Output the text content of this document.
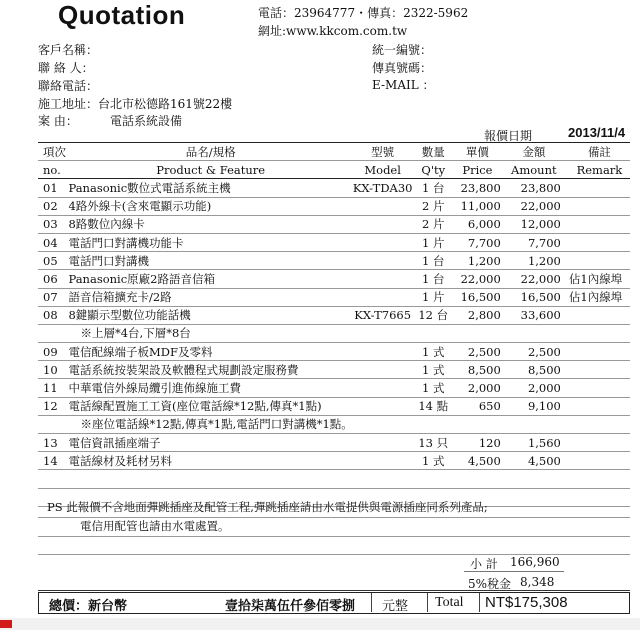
Quotation	電話：23964777・傳真：2322-5962
網址:www.kkcom.com.tw
客戶名稱：
聯 絡 人：
聯絡電話：
施工地址：台北市松德路161號22樓
案 由：	電話系統設備
統一編號：
傳真號碼：
E-MAIL ：
報價日期	2013/11/4
項次	品名/規格	型號	數量	單價	金額	備註
no.	Product & Feature	Model	Q'ty	Price	Amount	Remark
01	Panasonic數位式電話系統主機	KX-TDA30	1 台	23,800	23,800	
02	4路外線卡(含來電顯示功能)		2 片	11,000	22,000	
03	8路數位內線卡		2 片	6,000	12,000	
04	電話門口對講機功能卡		1 片	7,700	7,700	
05	電話門口對講機		1 台	1,200	1,200	
06	Panasonic原廠2路語音信箱		1 台	22,000	22,000	佔1內線埠
07	語音信箱擴充卡/2路		1 片	16,500	16,500	佔1內線埠
08	8鍵顯示型數位功能話機	KX-T7665	12 台	2,800	33,600	
	※上層*4台,下層*8台					
09	電信配線端子板MDF及零料		1 式	2,500	2,500	
10	電話系統按裝架設及軟體程式規劃設定服務費		1 式	8,500	8,500	
11	中華電信外線局纜引進佈線施工費		1 式	2,000	2,000	
12	電話線配置施工工資(座位電話線*12點,傳真*1點)		14 點	650	9,100	
	※座位電話線*12點,傳真*1點,電話門口對講機*1點。					
13	電信資訊插座端子		13 只	120	1,560	
14	電話線材及耗材另料		1 式	4,500	4,500	

PS 此報價不含地面彈跳插座及配管工程,彈跳插座請由水電提供與電源插座同系列產品;
電信用配管也請由水電處置。
小 計 166,960
5%稅金 8,348
總價：新台幣	壹拾柒萬伍仟參佰零捌 元整 Total NT$175,308
